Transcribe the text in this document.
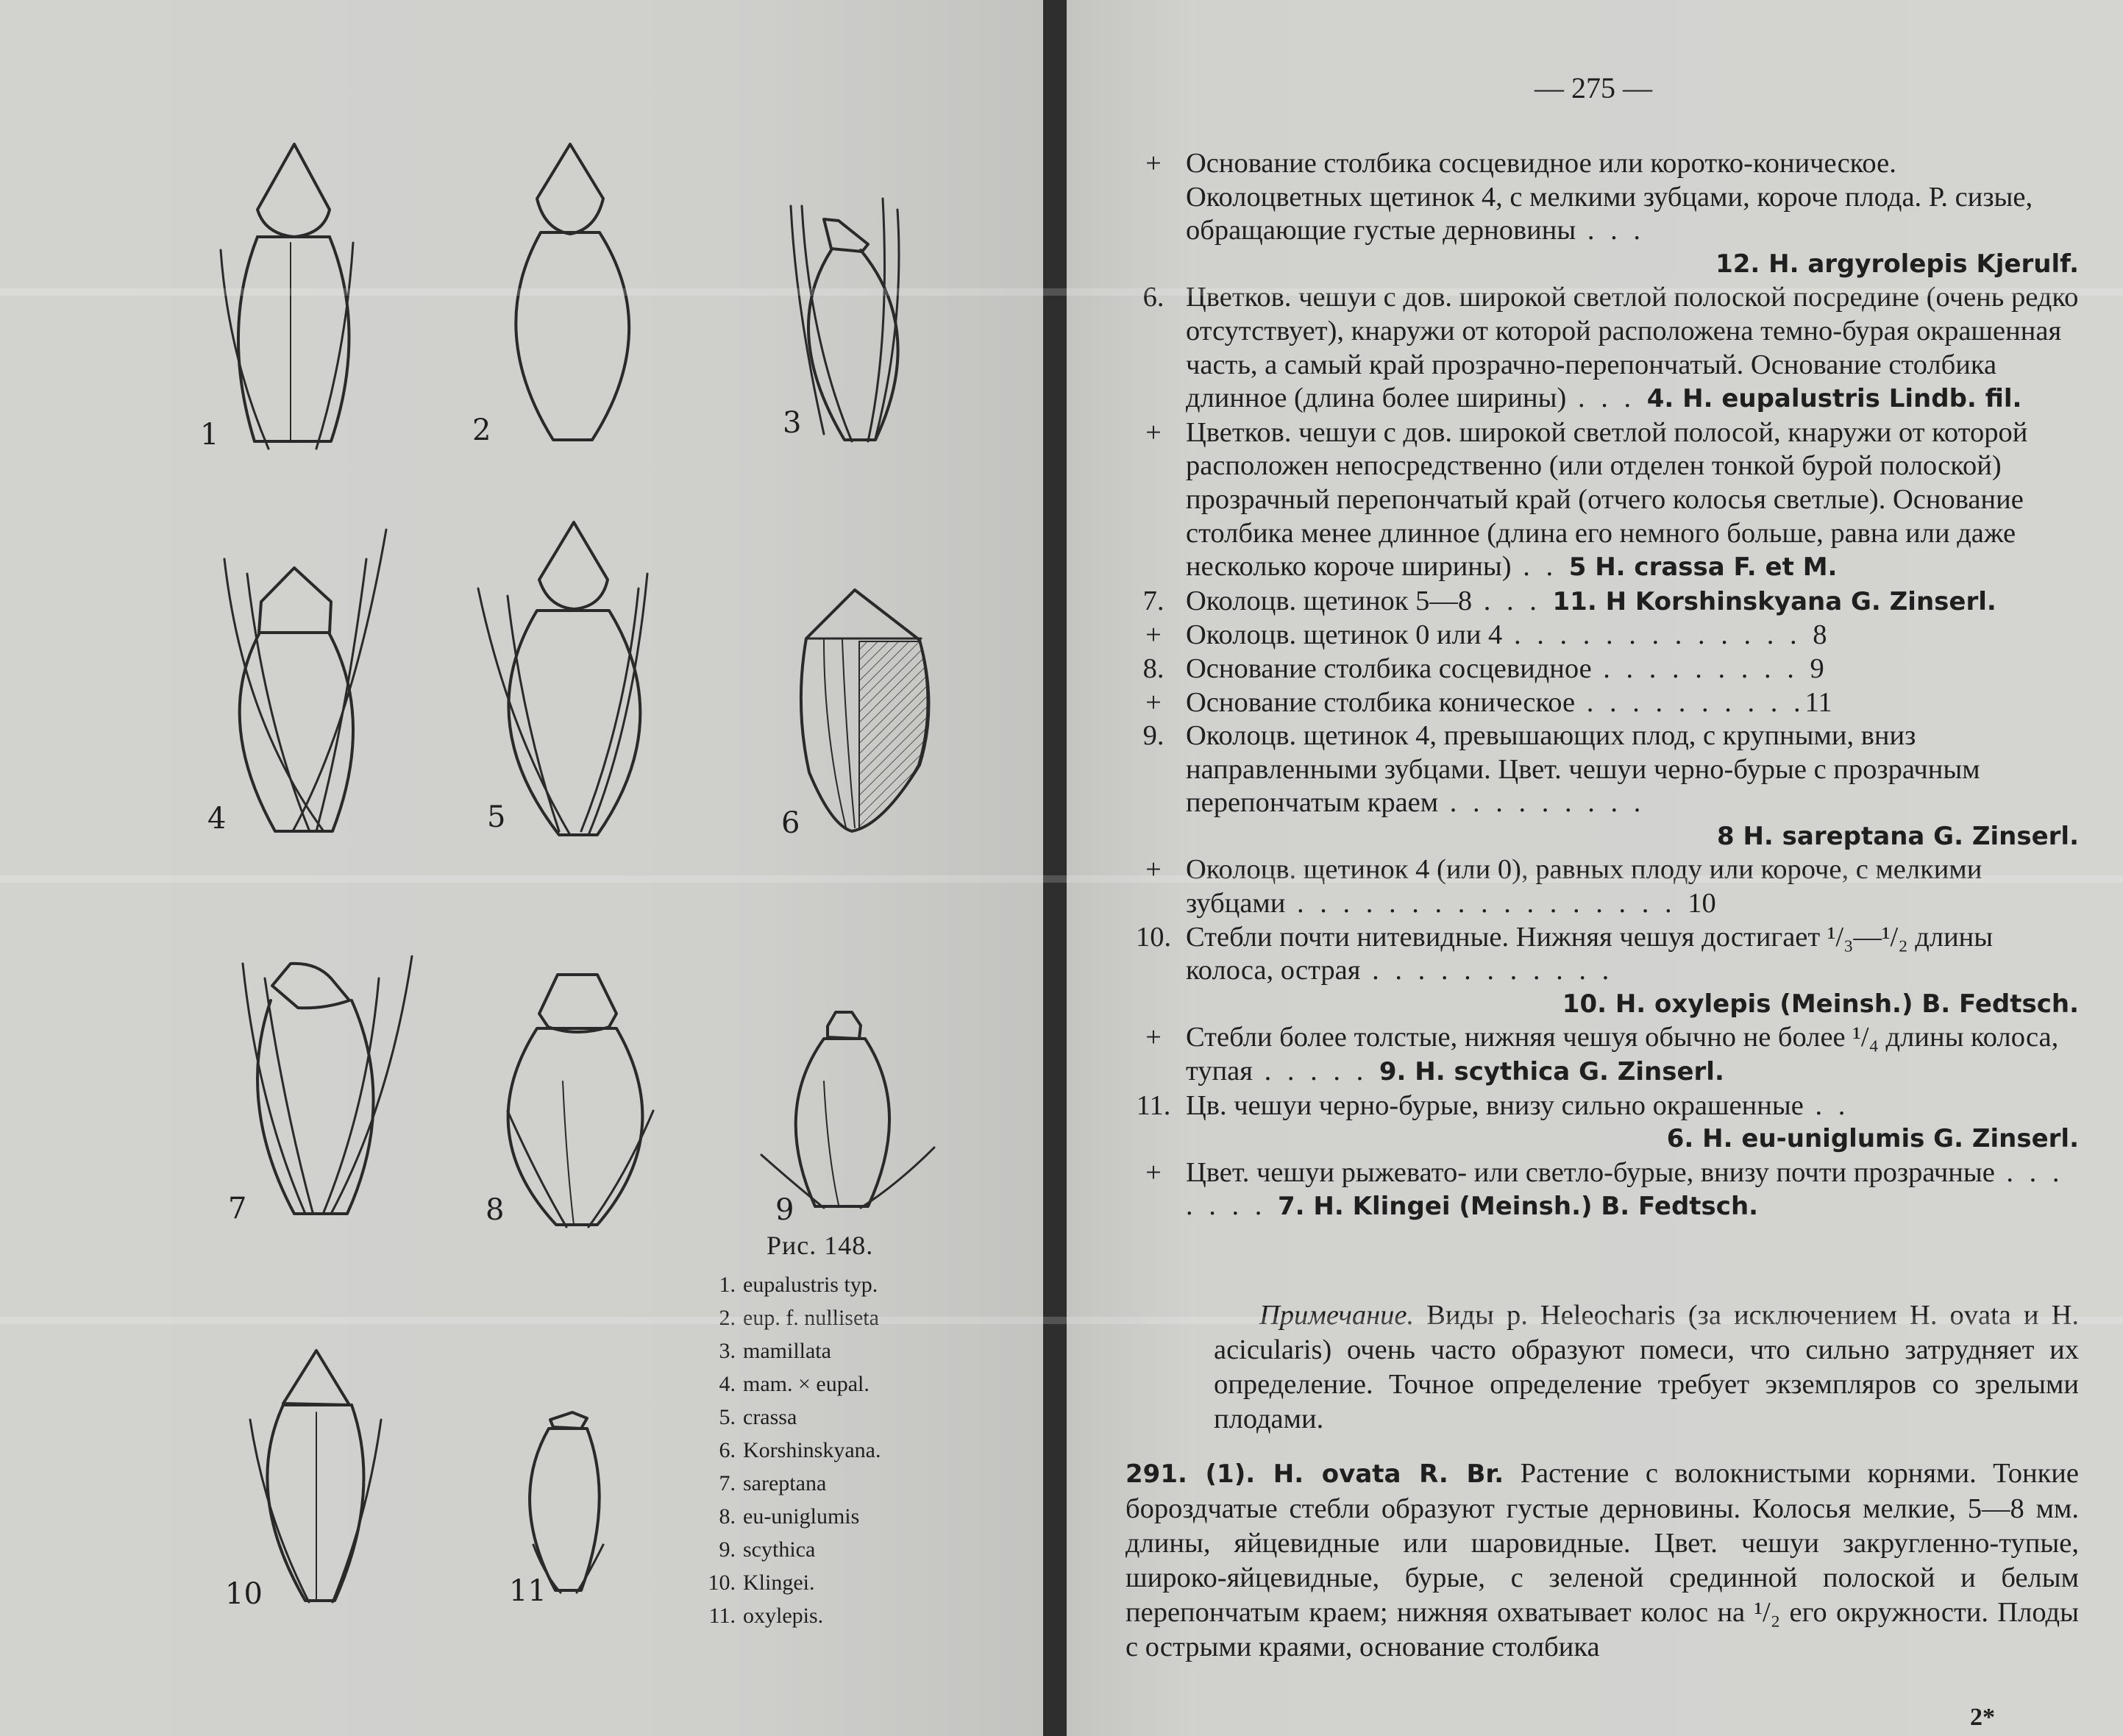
1	2	3
4	5	6
7	8	9
10	11
Рис. 148.
1. eupalustris typ.
2. eup. f. nulliseta
3. mamillata
4. mam. × eupal.
5. crassa
6. Korshinskyana.
7. sareptana
8. eu-uniglumis
9. scythica
10. Klingei.
11. oxylepis.
— 275 —
+ Основание столбика сосцевидное или коротко-коническое. Околоцветных щетинок 4, с мелкими зубцами, короче плода. Р. сизые, обращающие густые дерновины . . .
12. H. argyrolepis Kjerulf.
6. Цветков. чешуи с дов. широкой светлой полоской посредине (очень редко отсутствует), кнаружи от которой расположена темно-бурая окрашенная часть, а самый край прозрачно-перепончатый. Основание столбика длинное (длина более ширины) . . . 4. H. eupalustris Lindb. fil.
+ Цветков. чешуи с дов. широкой светлой полосой, кнаружи от которой расположен непосредственно (или отделен тонкой бурой полоской) прозрачный перепончатый край (отчего колосья светлые). Основание столбика менее длинное (длина его немного больше, равна или даже несколько короче ширины) . . 5 H. crassa F. et M.
7. Околоцв. щетинок 5—8 . . . 11. H Korshinskyana G. Zinserl.
+ Околоцв. щетинок 0 или 4 . . . . . . . . . . . . . 8
8. Основание столбика сосцевидное . . . . . . . . . 9
+ Основание столбика коническое . . . . . . . . . .11
9. Околоцв. щетинок 4, превышающих плод, с крупными, вниз направленными зубцами. Цвет. чешуи черно-бурые с прозрачным перепончатым краем . . . . . . . . .
8 H. sareptana G. Zinserl.
+ Околоцв. щетинок 4 (или 0), равных плоду или короче, с мелкими зубцами . . . . . . . . . . . . . . . . . 10
10. Стебли почти нитевидные. Нижняя чешуя достигает ¹/₃—¹/₂ длины колоса, острая . . . . . . . . . . .
10. H. oxylepis (Meinsh.) B. Fedtsch.
+ Стебли более толстые, нижняя чешуя обычно не более ¹/₄ длины колоса, тупая . . . . . 9. H. scythica G. Zinserl.
11. Цв. чешуи черно-бурые, внизу сильно окрашенные . .
6. H. eu-uniglumis G. Zinserl.
+ Цвет. чешуи рыжевато- или светло-бурые, внизу почти прозрачные . . . . . . . 7. H. Klingei (Meinsh.) B. Fedtsch.
Примечание. Виды р. Heleocharis (за исключением H. ovata и H. acicularis) очень часто образуют помеси, что сильно затрудняет их определение. Точное определение требует экземпляров со зрелыми плодами.
291. (1). H. ovata R. Br. Растение с волокнистыми корнями. Тонкие бороздчатые стебли образуют густые дерновины. Колосья мелкие, 5—8 мм. длины, яйцевидные или шаровидные. Цвет. чешуи закругленно-тупые, широко-яйцевидные, бурые, с зеленой срединной полоской и белым перепончатым краем; нижняя охватывает колос на ¹/₂ его окружности. Плоды с острыми краями, основание столбика
2*
